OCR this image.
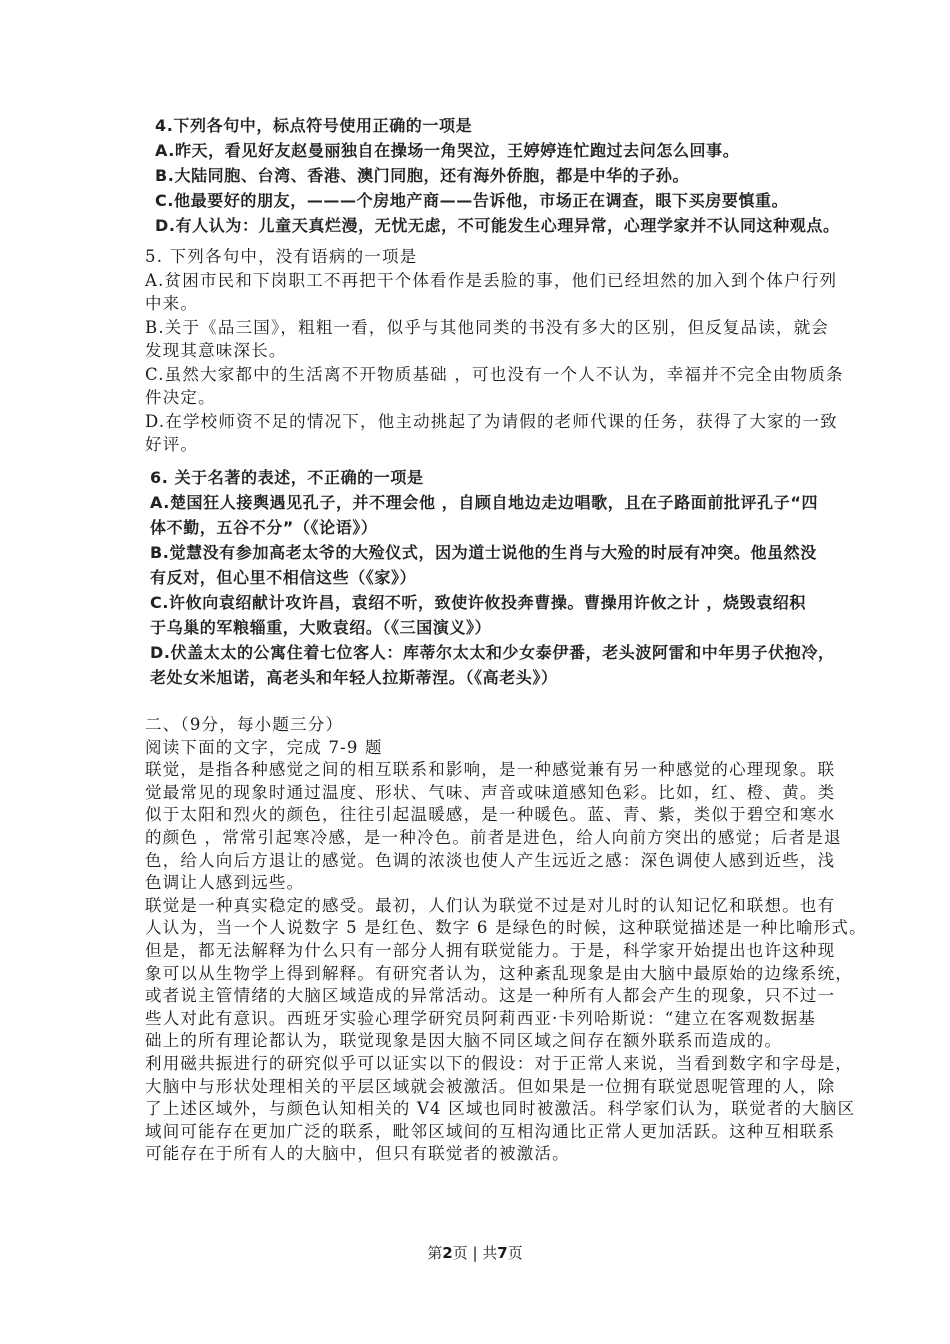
4.下列各句中，标点符号使用正确的一项是
A.昨天，看见好友赵曼丽独自在操场一角哭泣，王婷婷连忙跑过去问怎么回事。
B.大陆同胞、台湾、香港、澳门同胞，还有海外侨胞，都是中华的子孙。
C.他最要好的朋友，———个房地产商——告诉他，市场正在调查，眼下买房要慎重。
D.有人认为：儿童天真烂漫，无忧无虑，不可能发生心理异常，心理学家并不认同这种观点。
5. 下列各句中，没有语病的一项是
A.贫困市民和下岗职工不再把干个体看作是丢脸的事，他们已经坦然的加入到个体户行列
中来。
B.关于《品三国》，粗粗一看，似乎与其他同类的书没有多大的区别，但反复品读，就会
发现其意味深长。
C.虽然大家都中的生活离不开物质基础 ，可也没有一个人不认为，幸福并不完全由物质条
件决定。
D.在学校师资不足的情况下，他主动挑起了为请假的老师代课的任务，获得了大家的一致
好评。
6. 关于名著的表述，不正确的一项是
A.楚国狂人接舆遇见孔子，并不理会他 ，自顾自地边走边唱歌，且在子路面前批评孔子“四
体不勤，五谷不分”（《论语》）
B.觉慧没有参加高老太爷的大殓仪式，因为道士说他的生肖与大殓的时辰有冲突。他虽然没
有反对，但心里不相信这些（《家》）
C.许攸向袁绍献计攻许昌，袁绍不听，致使许攸投奔曹操。曹操用许攸之计 ，烧毁袁绍积
于乌巢的军粮辎重，大败袁绍。（《三国演义》）
D.伏盖太太的公寓住着七位客人：库蒂尔太太和少女泰伊番，老头波阿雷和中年男子伏抱冷，
老处女米旭诺，高老头和年轻人拉斯蒂涅。（《高老头》）
二、（9分，每小题三分）
阅读下面的文字，完成 7-9 题
联觉，是指各种感觉之间的相互联系和影响，是一种感觉兼有另一种感觉的心理现象。联
觉最常见的现象时通过温度、形状、气味、声音或味道感知色彩。比如，红、橙、黄。类
似于太阳和烈火的颜色，往往引起温暖感，是一种暖色。蓝、青、紫，类似于碧空和寒水
的颜色 ，常常引起寒冷感，是一种冷色。前者是进色，给人向前方突出的感觉；后者是退
色，给人向后方退让的感觉。色调的浓淡也使人产生远近之感：深色调使人感到近些，浅
色调让人感到远些。
联觉是一种真实稳定的感受。最初，人们认为联觉不过是对儿时的认知记忆和联想。也有
人认为，当一个人说数字 5 是红色、数字 6 是绿色的时候，这种联觉描述是一种比喻形式。
但是，都无法解释为什么只有一部分人拥有联觉能力。于是，科学家开始提出也许这种现
象可以从生物学上得到解释。有研究者认为，这种紊乱现象是由大脑中最原始的边缘系统，
或者说主管情绪的大脑区域造成的异常活动。这是一种所有人都会产生的现象，只不过一
些人对此有意识。西班牙实验心理学研究员阿莉西亚·卡列哈斯说：“建立在客观数据基
础上的所有理论都认为，联觉现象是因大脑不同区域之间存在额外联系而造成的。
利用磁共振进行的研究似乎可以证实以下的假设：对于正常人来说，当看到数字和字母是，
大脑中与形状处理相关的平层区域就会被激活。但如果是一位拥有联觉恩呢管理的人，除
了上述区域外，与颜色认知相关的 V4 区域也同时被激活。科学家们认为，联觉者的大脑区
域间可能存在更加广泛的联系，毗邻区域间的互相沟通比正常人更加活跃。这种互相联系
可能存在于所有人的大脑中，但只有联觉者的被激活。
第2页 | 共7页
